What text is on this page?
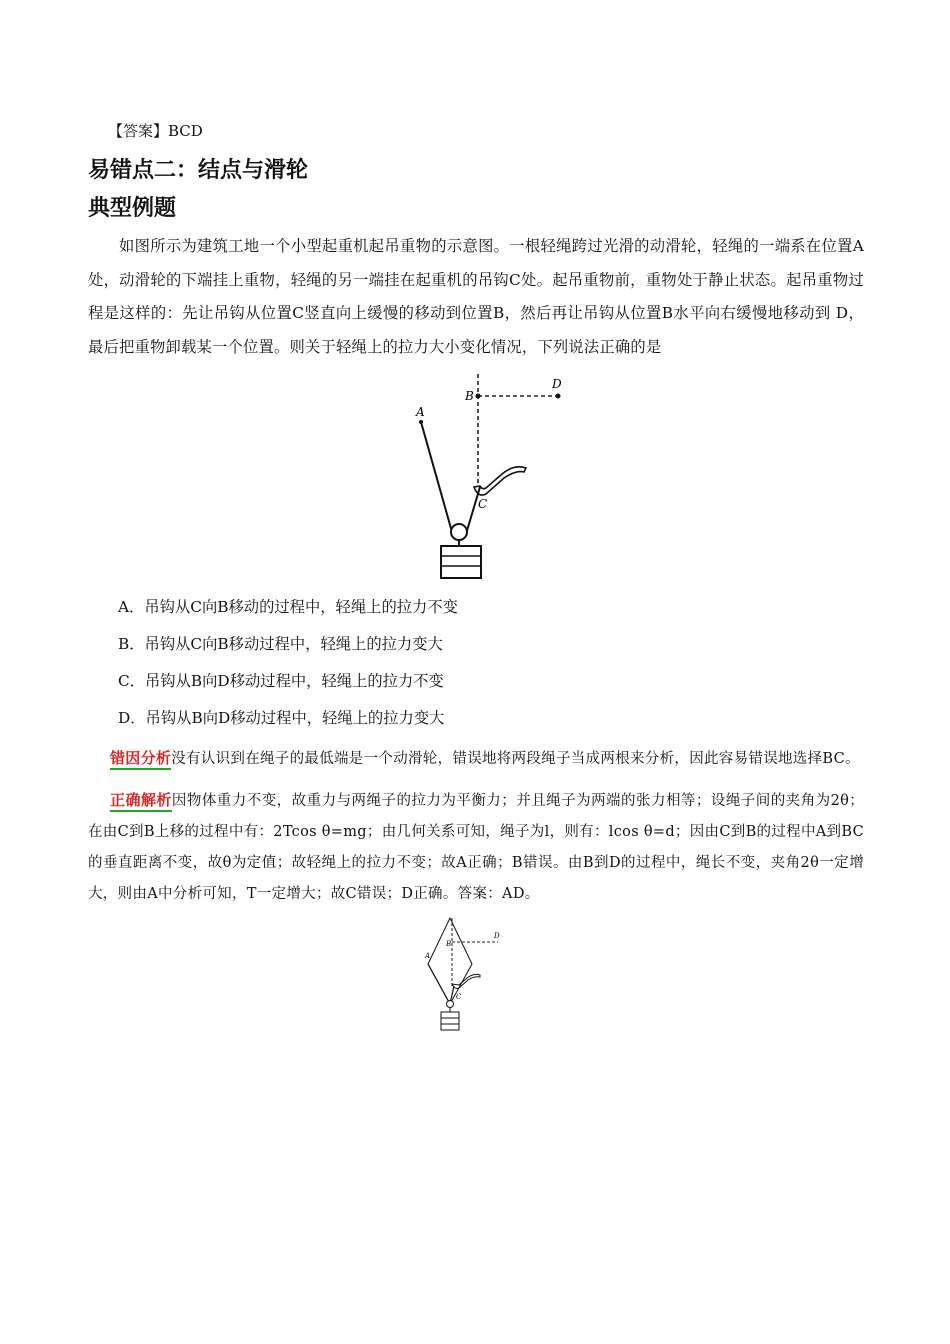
【答案】BCD
易错点二：结点与滑轮
典型例题
如图所示为建筑工地一个小型起重机起吊重物的示意图。一根轻绳跨过光滑的动滑轮，轻绳的一端系在位置A处，动滑轮的下端挂上重物，轻绳的另一端挂在起重机的吊钩C处。起吊重物前，重物处于静止状态。起吊重物过程是这样的：先让吊钩从位置C竖直向上缓慢的移动到位置B，然后再让吊钩从位置B水平向右缓慢地移动到 D，最后把重物卸载某一个位置。则关于轻绳上的拉力大小变化情况，下列说法正确的是
B
D
A
C
A．吊钩从C向B移动的过程中，轻绳上的拉力不变
B．吊钩从C向B移动过程中，轻绳上的拉力变大
C．吊钩从B向D移动过程中，轻绳上的拉力不变
D．吊钩从B向D移动过程中，轻绳上的拉力变大
错因分析没有认识到在绳子的最低端是一个动滑轮，错误地将两段绳子当成两根来分析，因此容易错误地选择BC。
正确解析因物体重力不变，故重力与两绳子的拉力为平衡力；并且绳子为两端的张力相等；设绳子间的夹角为2θ；在由C到B上移的过程中有：2Tcos θ=mg；由几何关系可知，绳子为l，则有：lcos θ=d；因由C到B的过程中A到BC的垂直距离不变，故θ为定值；故轻绳上的拉力不变；故A正确；B错误。由B到D的过程中，绳长不变，夹角2θ一定增大，则由A中分析可知，T一定增大；故C错误；D正确。答案：AD。
D
B
A
C
